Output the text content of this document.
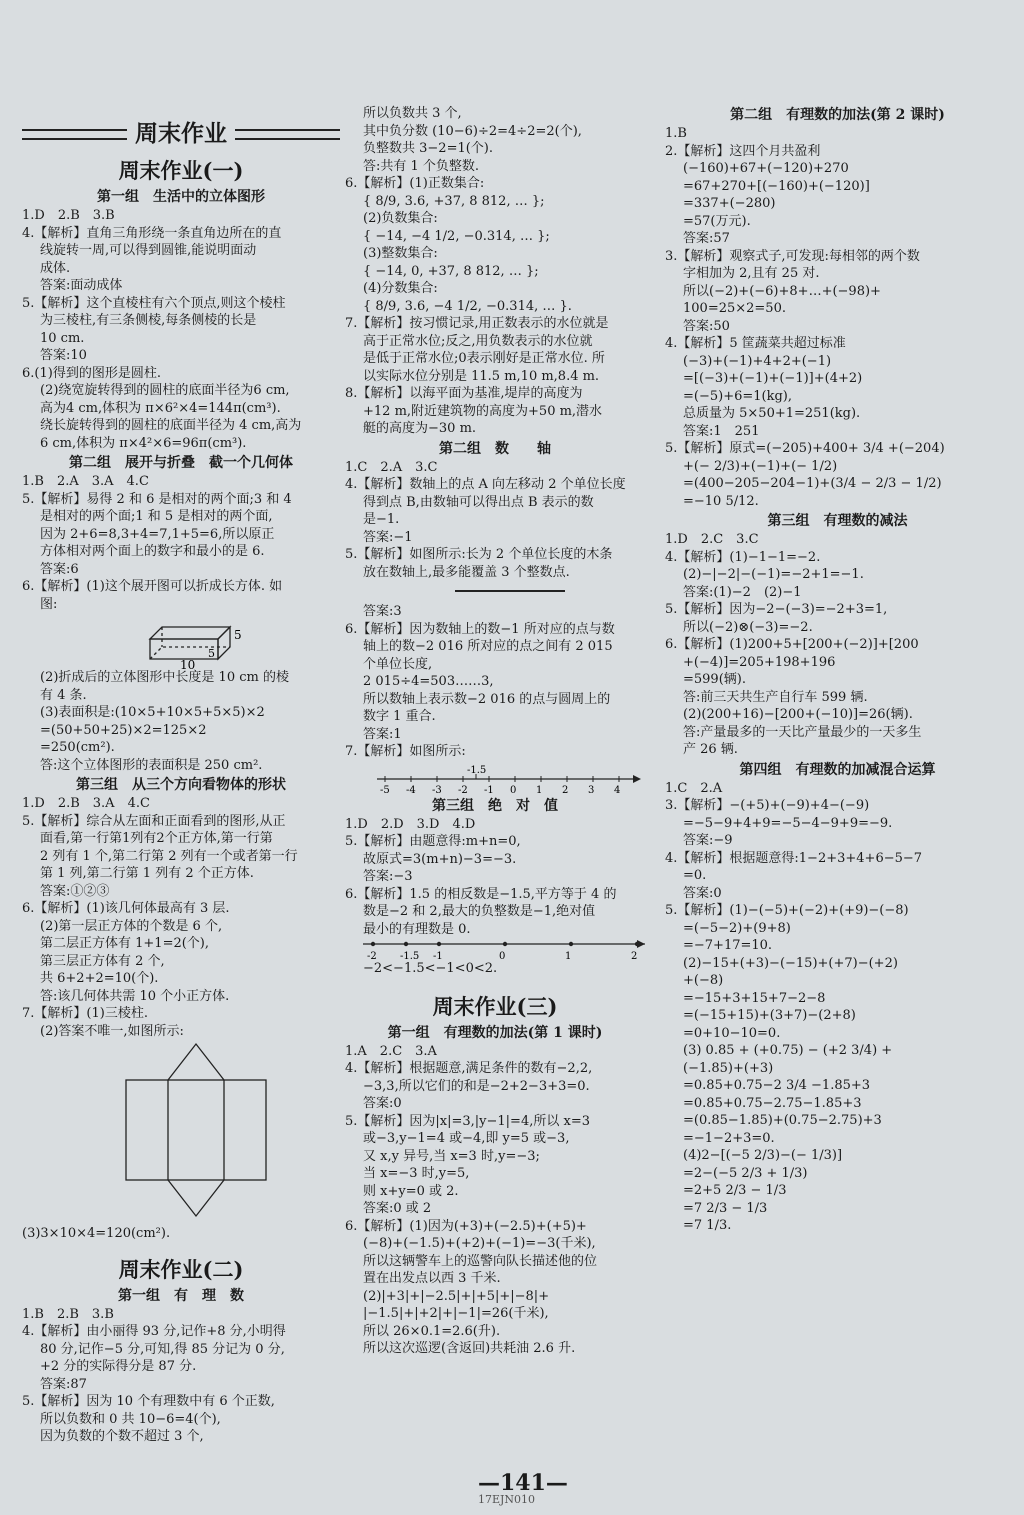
周末作业
周末作业(一)
第一组　生活中的立体图形
1.D　2.B　3.B
4.【解析】直角三角形绕一条直角边所在的直
线旋转一周,可以得到圆锥,能说明面动
成体.
答案:面动成体
5.【解析】这个直棱柱有六个顶点,则这个棱柱
为三棱柱,有三条侧棱,每条侧棱的长是
10 cm.
答案:10
6.(1)得到的图形是圆柱.
(2)绕宽旋转得到的圆柱的底面半径为6 cm,
高为4 cm,体积为 π×6²×4=144π(cm³).
绕长旋转得到的圆柱的底面半径为 4 cm,高为
6 cm,体积为 π×4²×6=96π(cm³).
第二组　展开与折叠　截一个几何体
1.B　2.A　3.A　4.C
5.【解析】易得 2 和 6 是相对的两个面;3 和 4
是相对的两个面;1 和 5 是相对的两个面,
因为 2+6=8,3+4=7,1+5=6,所以原正
方体相对两个面上的数字和最小的是 6.
答案:6
6.【解析】(1)这个展开图可以折成长方体. 如
图:
10
5
5
(2)折成后的立体图形中长度是 10 cm 的棱
有 4 条.
(3)表面积是:(10×5+10×5+5×5)×2
=(50+50+25)×2=125×2
=250(cm²).
答:这个立体图形的表面积是 250 cm².
第三组　从三个方向看物体的形状
1.D　2.B　3.A　4.C
5.【解析】综合从左面和正面看到的图形,从正
面看,第一行第1列有2个正方体,第一行第
2 列有 1 个,第二行第 2 列有一个或者第一行
第 1 列,第二行第 1 列有 2 个正方体.
答案:①②③
6.【解析】(1)该几何体最高有 3 层.
(2)第一层正方体的个数是 6 个,
第二层正方体有 1+1=2(个),
第三层正方体有 2 个,
共 6+2+2=10(个).
答:该几何体共需 10 个小正方体.
7.【解析】(1)三棱柱.
(2)答案不唯一,如图所示:
(3)3×10×4=120(cm²).
周末作业(二)
第一组　有　理　数
1.B　2.B　3.B
4.【解析】由小丽得 93 分,记作+8 分,小明得
80 分,记作−5 分,可知,得 85 分记为 0 分,
+2 分的实际得分是 87 分.
答案:87
5.【解析】因为 10 个有理数中有 6 个正数,
所以负数和 0 共 10−6=4(个),
因为负数的个数不超过 3 个,
所以负数共 3 个,
其中负分数 (10−6)÷2=4÷2=2(个),
负整数共 3−2=1(个).
答:共有 1 个负整数.
6.【解析】(1)正数集合:
{ 8/9, 3.6, +37, 8 812, … };
(2)负数集合:
{ −14, −4 1/2, −0.314, … };
(3)整数集合:
{ −14, 0, +37, 8 812, … };
(4)分数集合:
{ 8/9, 3.6, −4 1/2, −0.314, … }.
7.【解析】按习惯记录,用正数表示的水位就是
高于正常水位;反之,用负数表示的水位就
是低于正常水位;0表示刚好是正常水位. 所
以实际水位分别是 11.5 m,10 m,8.4 m.
8.【解析】以海平面为基准,堤岸的高度为
+12 m,附近建筑物的高度为+50 m,潜水
艇的高度为−30 m.
第二组　数　　轴
1.C　2.A　3.C
4.【解析】数轴上的点 A 向左移动 2 个单位长度
得到点 B,由数轴可以得出点 B 表示的数
是−1.
答案:−1
5.【解析】如图所示:长为 2 个单位长度的木条
放在数轴上,最多能覆盖 3 个整数点.
答案:3
6.【解析】因为数轴上的数−1 所对应的点与数
轴上的数−2 016 所对应的点之间有 2 015
个单位长度,
2 015÷4=503……3,
所以数轴上表示数−2 016 的点与圆周上的
数字 1 重合.
答案:1
7.【解析】如图所示:
-5 -4 -3 -2 -1 0 1 2 3 4
-1.5
第三组　绝　对　值
1.D　2.D　3.D　4.D
5.【解析】由题意得:m+n=0,
故原式=3(m+n)−3=−3.
答案:−3
6.【解析】1.5 的相反数是−1.5,平方等于 4 的
数是−2 和 2,最大的负整数是−1,绝对值
最小的有理数是 0.
-2 -1.5 -1	0	1	2
−2<−1.5<−1<0<2.
周末作业(三)
第一组　有理数的加法(第 1 课时)
1.A　2.C　3.A
4.【解析】根据题意,满足条件的数有−2,2,
−3,3,所以它们的和是−2+2−3+3=0.
答案:0
5.【解析】因为|x|=3,|y−1|=4,所以 x=3
或−3,y−1=4 或−4,即 y=5 或−3,
又 x,y 异号,当 x=3 时,y=−3;
当 x=−3 时,y=5,
则 x+y=0 或 2.
答案:0 或 2
6.【解析】(1)因为(+3)+(−2.5)+(+5)+
(−8)+(−1.5)+(+2)+(−1)=−3(千米),
所以这辆警车上的巡警向队长描述他的位
置在出发点以西 3 千米.
(2)|+3|+|−2.5|+|+5|+|−8|+
|−1.5|+|+2|+|−1|=26(千米),
所以 26×0.1=2.6(升).
所以这次巡逻(含返回)共耗油 2.6 升.
第二组　有理数的加法(第 2 课时)
1.B
2.【解析】这四个月共盈利
(−160)+67+(−120)+270
=67+270+[(−160)+(−120)]
=337+(−280)
=57(万元).
答案:57
3.【解析】观察式子,可发现:每相邻的两个数
字相加为 2,且有 25 对.
所以(−2)+(−6)+8+…+(−98)+
100=25×2=50.
答案:50
4.【解析】5 筐蔬菜共超过标准
(−3)+(−1)+4+2+(−1)
=[(−3)+(−1)+(−1)]+(4+2)
=(−5)+6=1(kg),
总质量为 5×50+1=251(kg).
答案:1　251
5.【解析】原式=(−205)+400+ 3/4 +(−204)
+(− 2/3)+(−1)+(− 1/2)
=(400−205−204−1)+(3/4 − 2/3 − 1/2)
=−10 5/12.
第三组　有理数的减法
1.D　2.C　3.C
4.【解析】(1)−1−1=−2.
(2)−|−2|−(−1)=−2+1=−1.
答案:(1)−2　(2)−1
5.【解析】因为−2−(−3)=−2+3=1,
所以(−2)⊗(−3)=−2.
6.【解析】(1)200+5+[200+(−2)]+[200
+(−4)]=205+198+196
=599(辆).
答:前三天共生产自行车 599 辆.
(2)(200+16)−[200+(−10)]=26(辆).
答:产量最多的一天比产量最少的一天多生
产 26 辆.
第四组　有理数的加减混合运算
1.C　2.A
3.【解析】−(+5)+(−9)+4−(−9)
=−5−9+4+9=−5−4−9+9=−9.
答案:−9
4.【解析】根据题意得:1−2+3+4+6−5−7
=0.
答案:0
5.【解析】(1)−(−5)+(−2)+(+9)−(−8)
=(−5−2)+(9+8)
=−7+17=10.
(2)−15+(+3)−(−15)+(+7)−(+2)
+(−8)
=−15+3+15+7−2−8
=(−15+15)+(3+7)−(2+8)
=0+10−10=0.
(3) 0.85 + (+0.75) − (+2 3/4) +
(−1.85)+(+3)
=0.85+0.75−2 3/4 −1.85+3
=0.85+0.75−2.75−1.85+3
=(0.85−1.85)+(0.75−2.75)+3
=−1−2+3=0.
(4)2−[(−5 2/3)−(− 1/3)]
=2−(−5 2/3 + 1/3)
=2+5 2/3 − 1/3
=7 2/3 − 1/3
=7 1/3.
—141—
17EJN010
